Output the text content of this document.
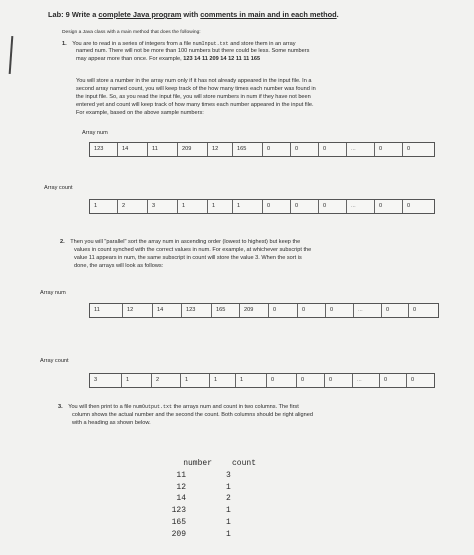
Lab: 9 Write a complete Java program with comments in main and in each method.
Design a Java class with a main method that does the following:
1. You are to read in a series of integers from a file numInput.txt and store them in an array
named num. There will not be more than 100 numbers but there could be less. Some numbers
may appear more than once. For example, 123 14 11 209 14 12 11 11 165
You will store a number in the array num only if it has not already appeared in the input file. In a
second array named count, you will keep track of the how many times each number was found in
the input file. So, as you read the input file, you will store numbers in num if they have not been
entered yet and count will keep track of how many times each number appeared in the input file.
For example, based on the above sample numbers:
Array num
123	14	11	209	12	165	0	0	0	...	0	0
Array count
1	2	3	1	1	1	0	0	0	...	0	0
2. Then you will "parallel" sort the array num in ascending order (lowest to highest) but keep the
values in count synched with the correct values in num. For example, at whichever subscript the
value 11 appears in num, the same subscript in count will store the value 3. When the sort is
done, the arrays will look as follows:
Array num
11	12	14	123	165	209	0	0	0	...	0	0
Array count
3	1	2	1	1	1	0	0	0	...	0	0
3. You will then print to a file numOutput.txt the arrays num and count in two columns. The first
column shows the actual number and the second the count. Both columns should be right aligned
with a heading as shown below.
number	count
11	3
12	1
14	2
123	1
165	1
209	1
